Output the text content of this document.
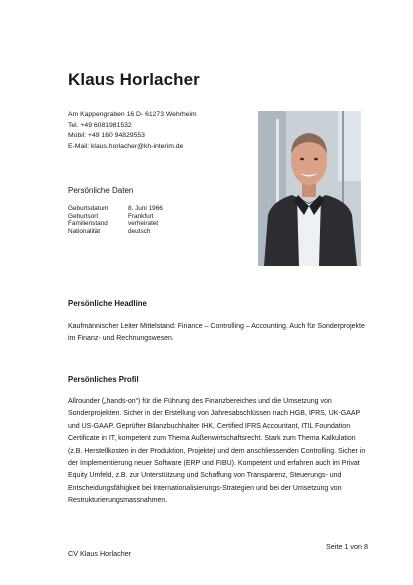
Klaus Horlacher
Am Kappengraben 16 D- 61273 Wehrheim
Tel. +49 6081981532
Mobil: +49 160 94829553
E-Mail: klaus.horlacher@kh-interim.de
Persönliche Daten
Geburtsdatum	8. Juni 1966
Geburtsort	Frankfurt
Familienstand	verheiratet
Nationalität	deutsch
Persönliche Headline
Kaufmännischer Leiter Mittelstand: Finance – Controlling – Accounting. Auch für Sonderprojekte im Finanz- und Rechnungswesen.
Persönliches Profil
Allrounder („hands-on“) für die Führung des Finanzbereiches und die Umsetzung von Sonderprojekten. Sicher in der Erstellung von Jahresabschlüssen nach HGB, IFRS, UK-GAAP und US-GAAP. Geprüfter Bilanzbuchhalter IHK, Certified IFRS Accountant, ITIL Foundation Certificate in IT, kompetent zum Thema Außenwirtschaftsrecht. Stark zum Thema Kalkulation (z.B. Herstellkosten in der Produktion, Projekte) und dem anschliessenden Controlling. Sicher in der Implementierung neuer Software (ERP und FIBU). Kompetent und erfahren auch im Privat Equity Umfeld, z.B. zur Unterstützung und Schaffung von Transparenz, Steuerungs- und Entscheidungsfähigkeit bei Internationalisierungs-Strategien und bei der Umsetzung von Restrukturierungsmassnahmen.
Seite 1 von 8
CV Klaus Horlacher
